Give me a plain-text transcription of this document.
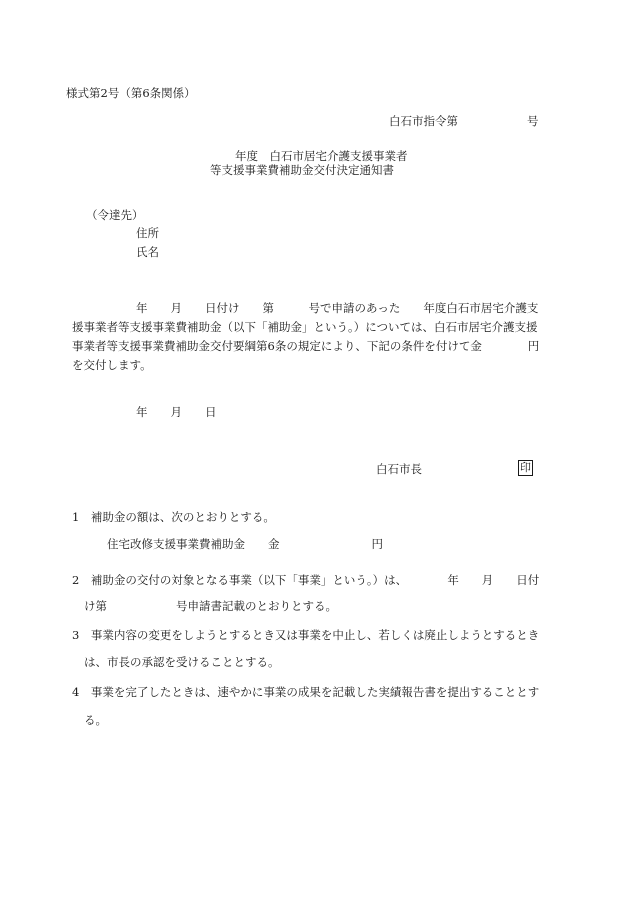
様式第2号（第6条関係）
白石市指令第　　　　　　号
年度　白石市居宅介護支援事業者
等支援事業費補助金交付決定通知書
（令達先）
住所
氏名
年　　月　　日付け　　第　　　号で申請のあった　　年度白石市居宅介護支
援事業者等支援事業費補助金（以下「補助金」という。）については、白石市居宅介護支援
事業者等支援事業費補助金交付要綱第6条の規定により、下記の条件を付けて金　　　　円
を交付します。
年　　月　　日
白石市長	印
1　補助金の額は、次のとおりとする。
住宅改修支援事業費補助金　　金　　　　　　　　円
2　補助金の交付の対象となる事業（以下「事業」という。）は、　　　　年　　月　　日付
け第　　　　　　号申請書記載のとおりとする。
3　事業内容の変更をしようとするとき又は事業を中止し、若しくは廃止しようとするとき
は、市長の承認を受けることとする。
4　事業を完了したときは、速やかに事業の成果を記載した実績報告書を提出することとす
る。
